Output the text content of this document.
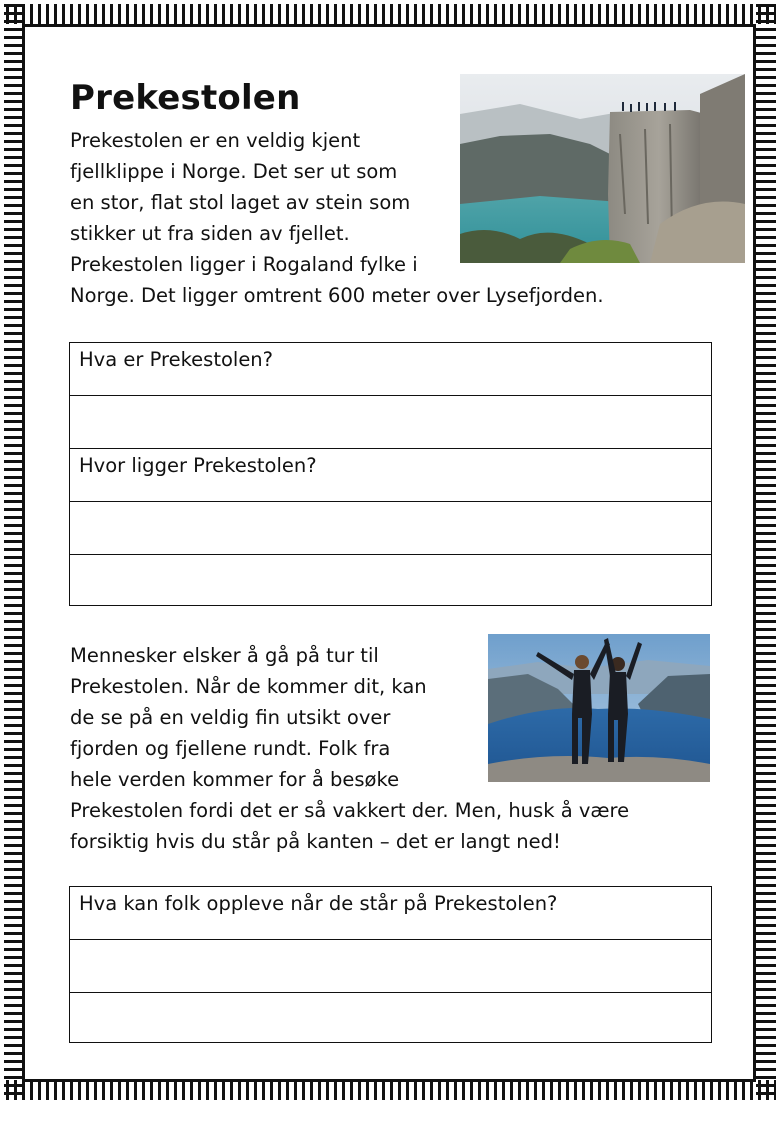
Prekestolen
Prekestolen er en veldig kjent
fjellklippe i Norge. Det ser ut som
en stor, flat stol laget av stein som
stikker ut fra siden av fjellet.
Prekestolen ligger i Rogaland fylke i
Norge. Det ligger omtrent 600 meter over Lysefjorden.
Hva er Prekestolen?
Hvor ligger Prekestolen?
Mennesker elsker å gå på tur til
Prekestolen. Når de kommer dit, kan
de se på en veldig fin utsikt over
fjorden og fjellene rundt. Folk fra
hele verden kommer for å besøke
Prekestolen fordi det er så vakkert der. Men, husk å være
forsiktig hvis du står på kanten – det er langt ned!
Hva kan folk oppleve når de står på Prekestolen?
